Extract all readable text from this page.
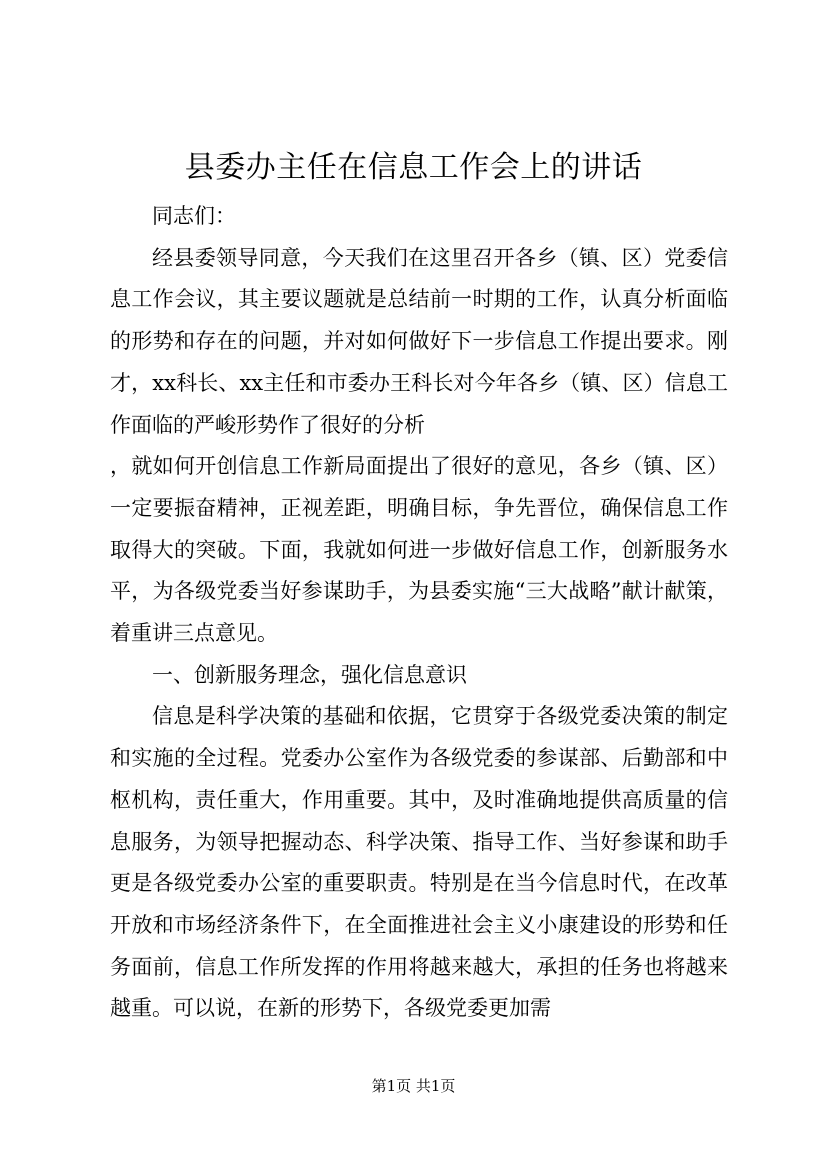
县委办主任在信息工作会上的讲话

同志们：

经县委领导同意，今天我们在这里召开各乡（镇、区）党委信息工作会议，其主要议题就是总结前一时期的工作，认真分析面临的形势和存在的问题，并对如何做好下一步信息工作提出要求。刚才，xx科长、xx主任和市委办王科长对今年各乡（镇、区）信息工作面临的严峻形势作了很好的分析

，就如何开创信息工作新局面提出了很好的意见，各乡（镇、区）一定要振奋精神，正视差距，明确目标，争先晋位，确保信息工作取得大的突破。下面，我就如何进一步做好信息工作，创新服务水平，为各级党委当好参谋助手，为县委实施“三大战略”献计献策，着重讲三点意见。

一、创新服务理念，强化信息意识

信息是科学决策的基础和依据，它贯穿于各级党委决策的制定和实施的全过程。党委办公室作为各级党委的参谋部、后勤部和中枢机构，责任重大，作用重要。其中，及时准确地提供高质量的信息服务，为领导把握动态、科学决策、指导工作、当好参谋和助手更是各级党委办公室的重要职责。特别是在当今信息时代，在改革开放和市场经济条件下，在全面推进社会主义小康建设的形势和任务面前，信息工作所发挥的作用将越来越大，承担的任务也将越来越重。可以说，在新的形势下，各级党委更加需

第1页 共1页
